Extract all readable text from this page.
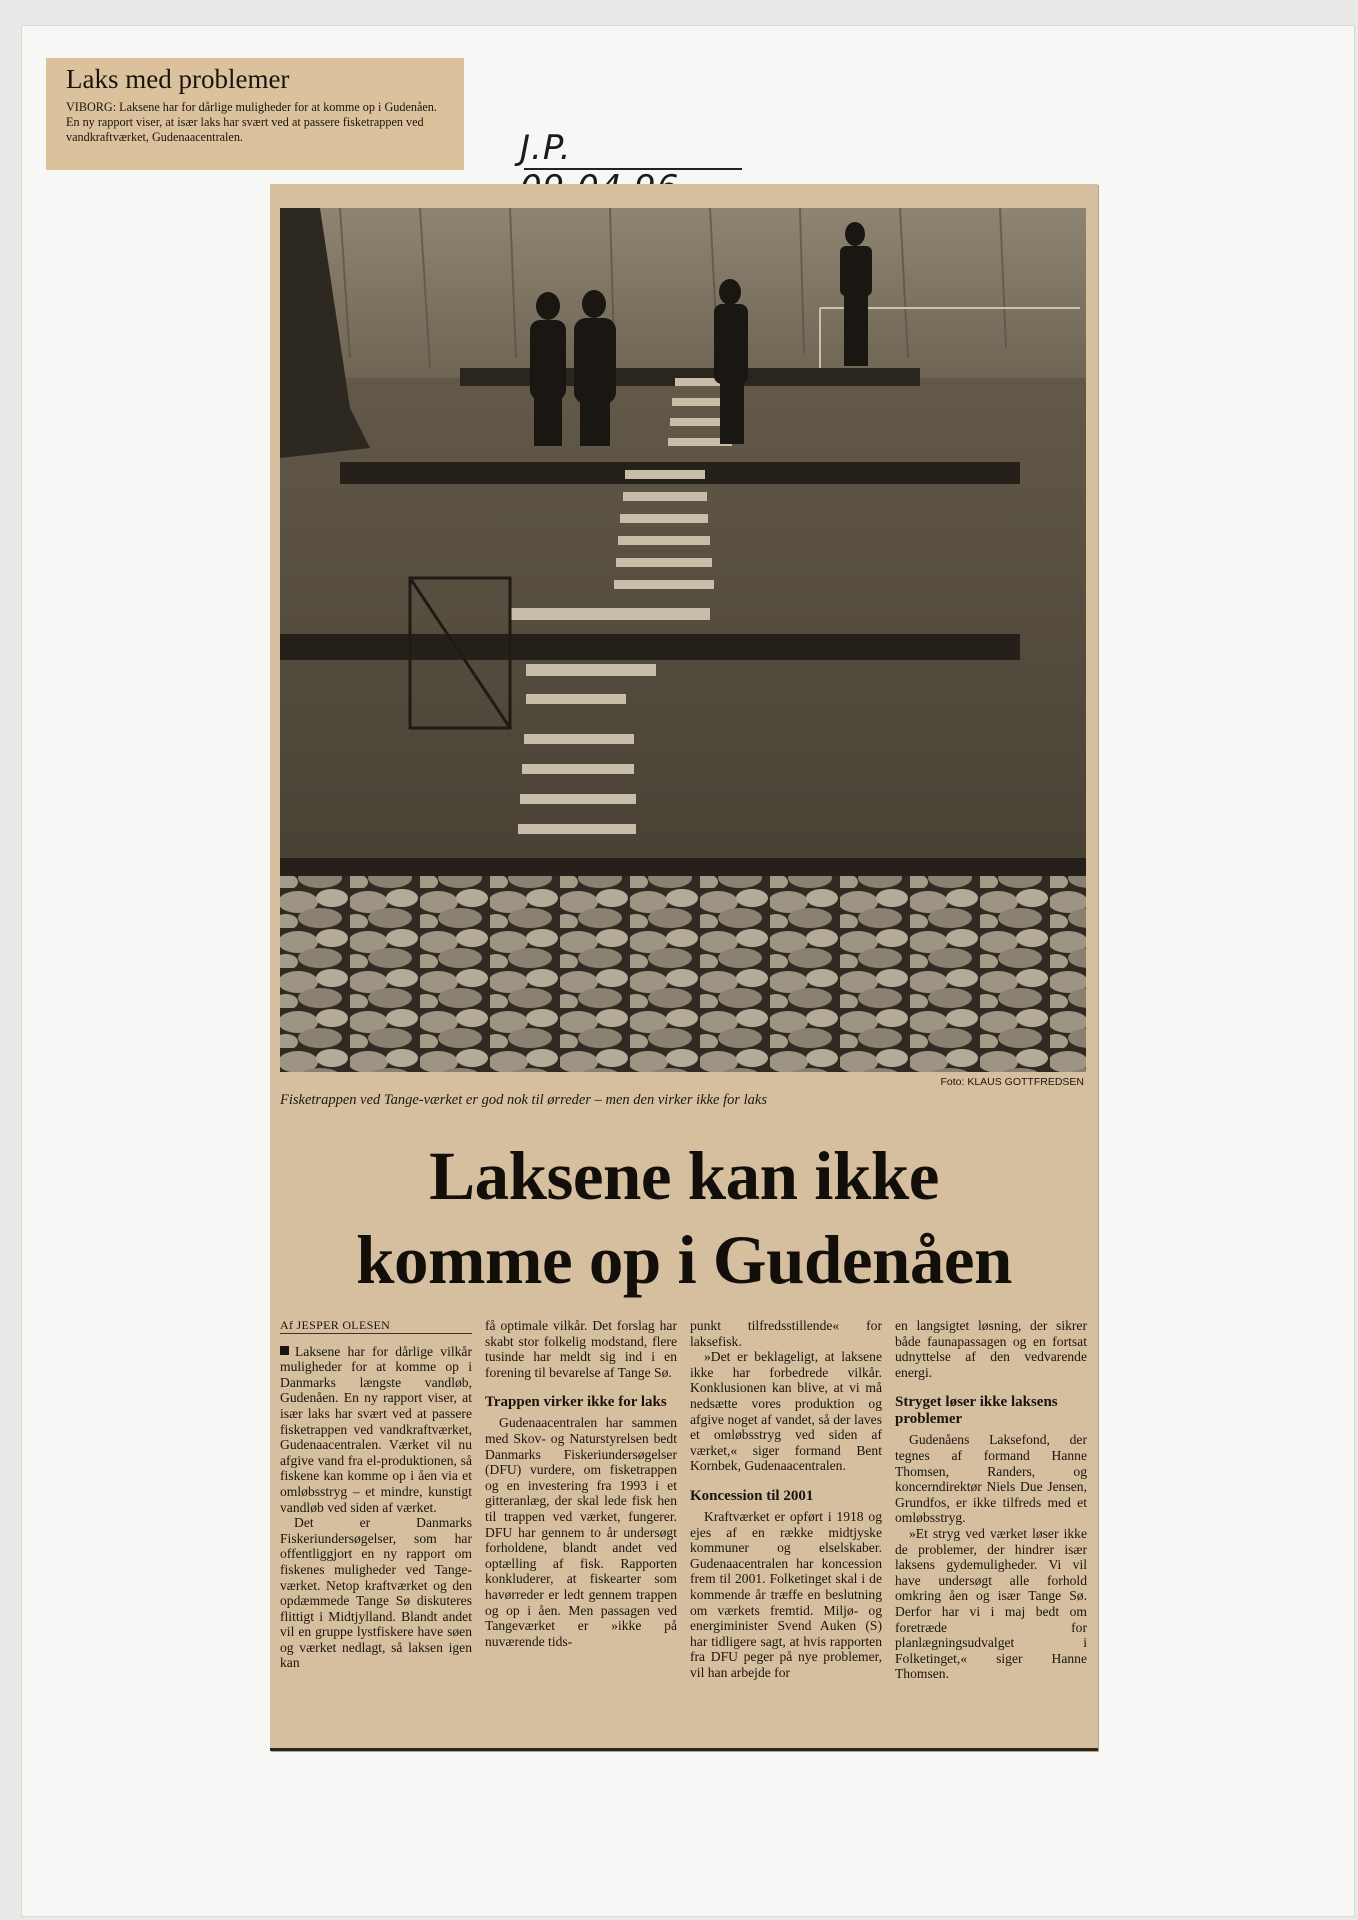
Laks med problemer

VIBORG: Laksene har for dårlige muligheder for at komme op i Gudenåen. En ny rapport viser, at især laks har svært ved at passere fisketrappen ved vandkraftværket, Gudenaacentralen.	J.P.
Foto: KLAUS GOTTFREDSEN
Fisketrappen ved Tange-værket er god nok til ørreder – men den virker ikke for laks
Laksene kan ikke
komme op i Gudenåen

Af JESPER OLESEN

Laksene har for dårlige vilkår muligheder for at komme op i Danmarks længste vandløb, Gudenåen. En ny rapport viser, at især laks har svært ved at passere fisketrappen ved vandkraftværket, Gudenaacentralen. Værket vil nu afgive vand fra el-produktionen, så fiskene kan komme op i åen via et omløbsstryg – et mindre, kunstigt vandløb ved siden af værket.

Det er Danmarks Fiskeriundersøgelser, som har offentliggjort en ny rapport om fiskenes muligheder ved Tange-værket. Netop kraftværket og den opdæmmede Tange Sø diskuteres flittigt i Midtjylland. Blandt andet vil en gruppe lystfiskere have søen og værket nedlagt, så laksen igen kan

få optimale vilkår. Det forslag har skabt stor folkelig modstand, flere tusinde har meldt sig ind i en forening til bevarelse af Tange Sø.

Trappen virker ikke for laks

Gudenaacentralen har sammen med Skov- og Naturstyrelsen bedt Danmarks Fiskeriundersøgelser (DFU) vurdere, om fisketrappen og en investering fra 1993 i et gitteranlæg, der skal lede fisk hen til trappen ved værket, fungerer. DFU har gennem to år undersøgt forholdene, blandt andet ved optælling af fisk. Rapporten konkluderer, at fiskearter som havørreder er ledt gennem trappen og op i åen. Men passagen ved Tangeværket er »ikke på nuværende tids-

punkt tilfredsstillende« for laksefisk.

»Det er beklageligt, at laksene ikke har forbedrede vilkår. Konklusionen kan blive, at vi må nedsætte vores produktion og afgive noget af vandet, så der laves et omløbsstryg ved siden af værket,« siger formand Bent Kornbek, Gudenaacentralen.

Koncession til 2001

Kraftværket er opført i 1918 og ejes af en række midtjyske kommuner og elselskaber. Gudenaacentralen har koncession frem til 2001. Folketinget skal i de kommende år træffe en beslutning om værkets fremtid. Miljø- og energiminister Svend Auken (S) har tidligere sagt, at hvis rapporten fra DFU peger på nye problemer, vil han arbejde for

en langsigtet løsning, der sikrer både faunapassagen og en fortsat udnyttelse af den vedvarende energi.

Stryget løser ikke laksens problemer

Gudenåens Laksefond, der tegnes af formand Hanne Thomsen, Randers, og koncerndirektør Niels Due Jensen, Grundfos, er ikke tilfreds med et omløbsstryg.

»Et stryg ved værket løser ikke de problemer, der hindrer især laksens gydemuligheder. Vi vil have undersøgt alle forhold omkring åen og især Tange Sø. Derfor har vi i maj bedt om foretræde for planlægningsudvalget i Folketinget,« siger Hanne Thomsen.
